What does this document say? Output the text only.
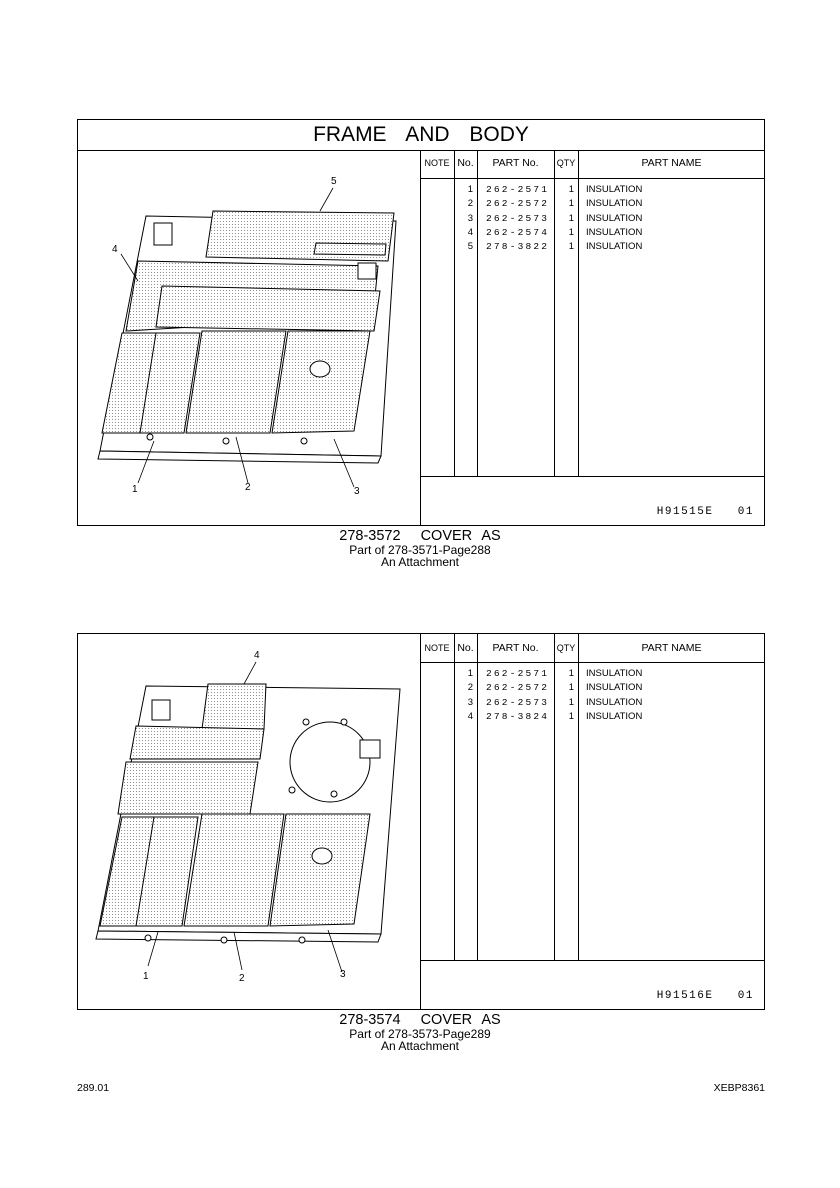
FRAME AND BODY
5
4
1	2	3
NOTE No.	PART No.	QTY	PART NAME
1 262-2571	1 INSULATION
2 262-2572	1 INSULATION
3 262-2573	1 INSULATION
4 262-2574	1 INSULATION
5 278-3822	1 INSULATION
H91515E   01
278-3572  COVER AS
Part of 278-3571-Page288
An Attachment
4
1	2	3
NOTE No.	PART No.	QTY	PART NAME
1 262-2571	1 INSULATION
2 262-2572	1 INSULATION
3 262-2573	1 INSULATION
4 278-3824	1 INSULATION
H91516E   01
278-3574  COVER AS
Part of 278-3573-Page289
An Attachment
289.01	XEBP8361
